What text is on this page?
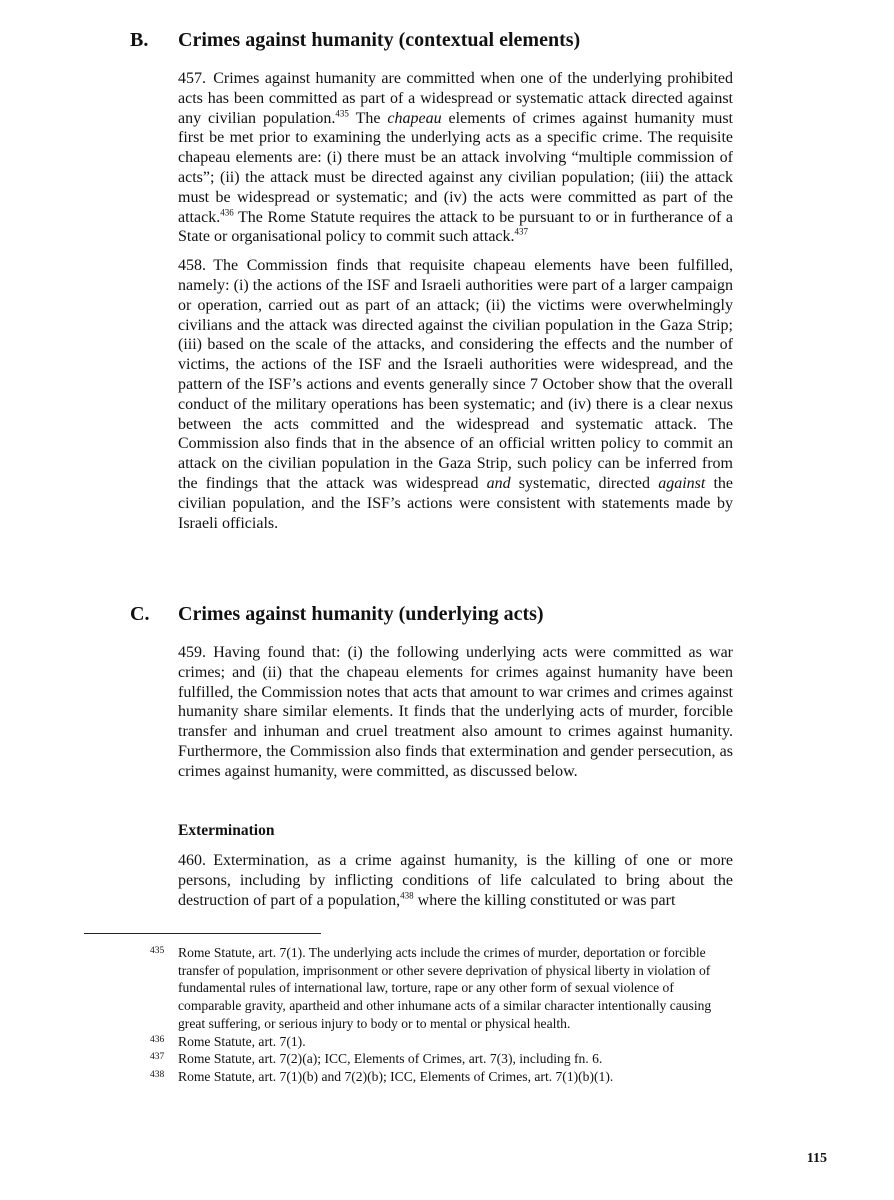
B.	Crimes against humanity (contextual elements)

457. Crimes against humanity are committed when one of the underlying prohibited acts has been committed as part of a widespread or systematic attack directed against any civilian population.$^{435}$ The chapeau elements of crimes against humanity must first be met prior to examining the underlying acts as a specific crime. The requisite chapeau elements are: (i) there must be an attack involving “multiple commission of acts”; (ii) the attack must be directed against any civilian population; (iii) the attack must be widespread or systematic; and (iv) the acts were committed as part of the attack.$^{436}$ The Rome Statute requires the attack to be pursuant to or in furtherance of a State or organisational policy to commit such attack.$^{437}$

458. The Commission finds that requisite chapeau elements have been fulfilled, namely: (i) the actions of the ISF and Israeli authorities were part of a larger campaign or operation, carried out as part of an attack; (ii) the victims were overwhelmingly civilians and the attack was directed against the civilian population in the Gaza Strip; (iii) based on the scale of the attacks, and considering the effects and the number of victims, the actions of the ISF and the Israeli authorities were widespread, and the pattern of the ISF’s actions and events generally since 7 October show that the overall conduct of the military operations has been systematic; and (iv) there is a clear nexus between the acts committed and the widespread and systematic attack. The Commission also finds that in the absence of an official written policy to commit an attack on the civilian population in the Gaza Strip, such policy can be inferred from the findings that the attack was widespread and systematic, directed against the civilian population, and the ISF’s actions were consistent with statements made by Israeli officials.

C.	Crimes against humanity (underlying acts)

459. Having found that: (i) the following underlying acts were committed as war crimes; and (ii) that the chapeau elements for crimes against humanity have been fulfilled, the Commission notes that acts that amount to war crimes and crimes against humanity share similar elements. It finds that the underlying acts of murder, forcible transfer and inhuman and cruel treatment also amount to crimes against humanity. Furthermore, the Commission also finds that extermination and gender persecution, as crimes against humanity, were committed, as discussed below.

Extermination

460. Extermination, as a crime against humanity, is the killing of one or more persons, including by inflicting conditions of life calculated to bring about the destruction of part of a population,$^{438}$ where the killing constituted or was part

435	Rome Statute, art. 7(1). The underlying acts include the crimes of murder, deportation or forcible transfer of population, imprisonment or other severe deprivation of physical liberty in violation of fundamental rules of international law, torture, rape or any other form of sexual violence of comparable gravity, apartheid and other inhumane acts of a similar character intentionally causing great suffering, or serious injury to body or to mental or physical health.
436	Rome Statute, art. 7(1).
437	Rome Statute, art. 7(2)(a); ICC, Elements of Crimes, art. 7(3), including fn. 6.
438	Rome Statute, art. 7(1)(b) and 7(2)(b); ICC, Elements of Crimes, art. 7(1)(b)(1).
115
